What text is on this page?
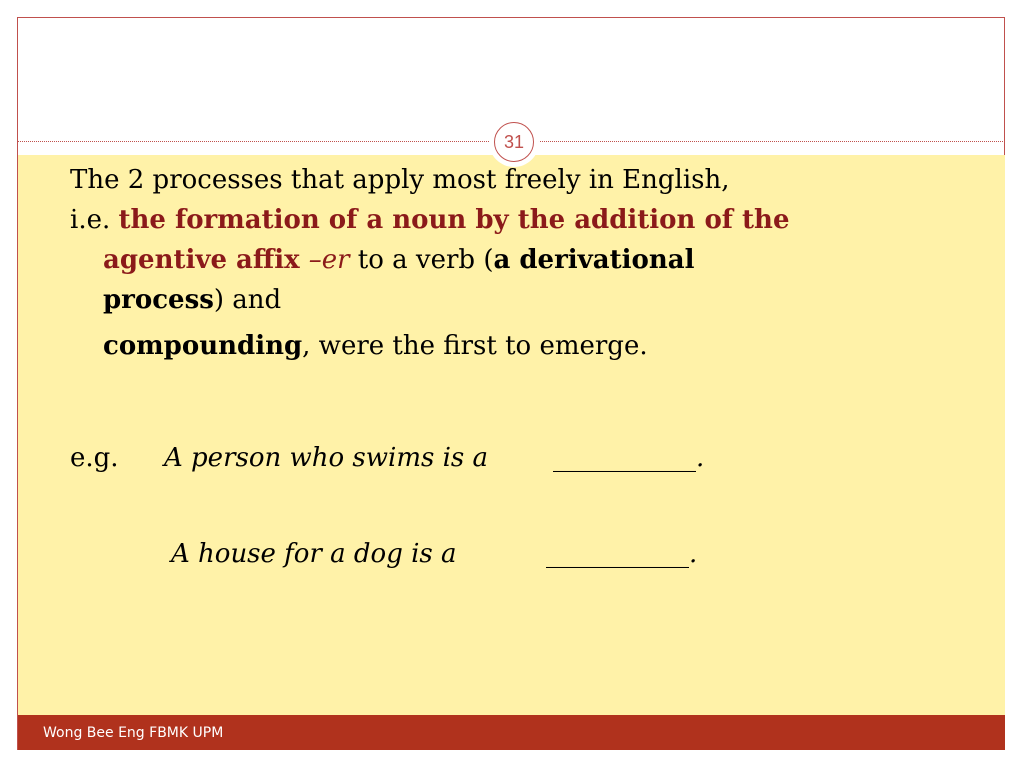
31

The 2 processes that apply most freely in English,

i.e. the formation of a noun by the addition of the

agentive affix –er to a verb (a derivational

process) and

compounding, were the first to emerge.

e.g. A person who swims is a ___________.
A house for a dog is a	___________.
Wong Bee Eng FBMK UPM
